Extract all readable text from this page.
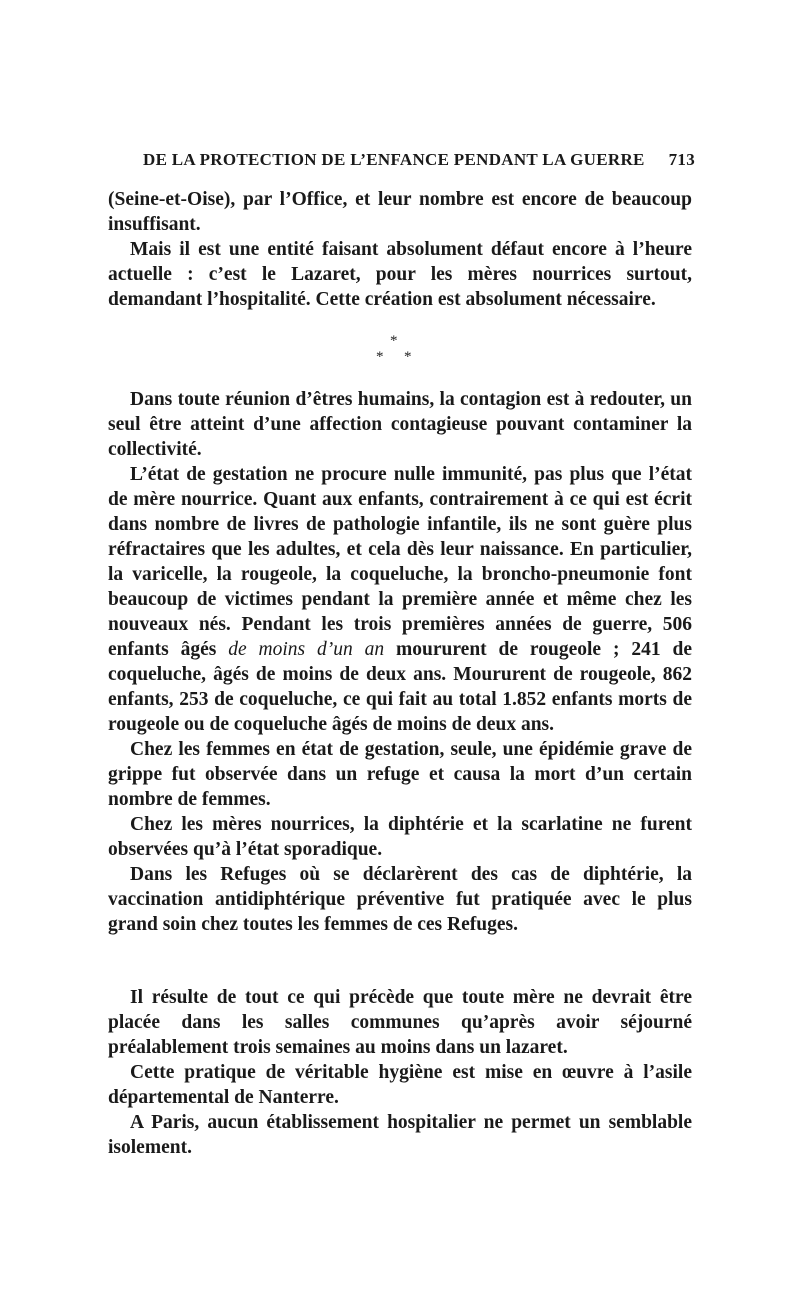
DE LA PROTECTION DE L’ENFANCE PENDANT LA GUERRE 713

(Seine-et-Oise), par l’Office, et leur nombre est encore de beaucoup insuffisant.

Mais il est une entité faisant absolument défaut encore à l’heure actuelle : c’est le Lazaret, pour les mères nourrices surtout, demandant l’hospitalité. Cette création est absolument nécessaire.

*
* *

Dans toute réunion d’êtres humains, la contagion est à redouter, un seul être atteint d’une affection contagieuse pouvant contaminer la collectivité.

L’état de gestation ne procure nulle immunité, pas plus que l’état de mère nourrice. Quant aux enfants, contrairement à ce qui est écrit dans nombre de livres de pathologie infantile, ils ne sont guère plus réfractaires que les adultes, et cela dès leur naissance. En particulier, la varicelle, la rougeole, la coqueluche, la broncho-pneumonie font beaucoup de victimes pendant la première année et même chez les nouveaux nés. Pendant les trois premières années de guerre, 506 enfants âgés de moins d’un an moururent de rougeole ; 241 de coqueluche, âgés de moins de deux ans. Moururent de rougeole, 862 enfants, 253 de coqueluche, ce qui fait au total 1.852 enfants morts de rougeole ou de coqueluche âgés de moins de deux ans.

Chez les femmes en état de gestation, seule, une épidémie grave de grippe fut observée dans un refuge et causa la mort d’un certain nombre de femmes.

Chez les mères nourrices, la diphtérie et la scarlatine ne furent observées qu’à l’état sporadique.

Dans les Refuges où se déclarèrent des cas de diphtérie, la vaccination antidiphtérique préventive fut pratiquée avec le plus grand soin chez toutes les femmes de ces Refuges.

Il résulte de tout ce qui précède que toute mère ne devrait être placée dans les salles communes qu’après avoir séjourné préalablement trois semaines au moins dans un lazaret.

Cette pratique de véritable hygiène est mise en œuvre à l’asile départemental de Nanterre.

A Paris, aucun établissement hospitalier ne permet un semblable isolement.
